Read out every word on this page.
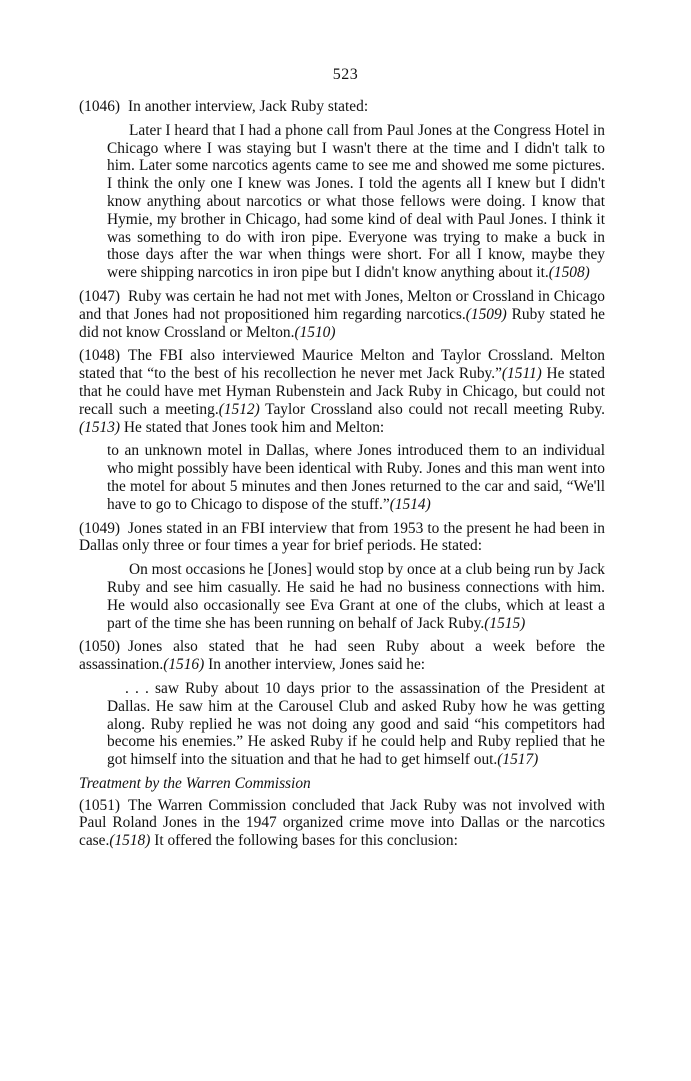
523

(1046) In another interview, Jack Ruby stated:

Later I heard that I had a phone call from Paul Jones at the Congress Hotel in Chicago where I was staying but I wasn't there at the time and I didn't talk to him. Later some narcotics agents came to see me and showed me some pictures. I think the only one I knew was Jones. I told the agents all I knew but I didn't know anything about narcotics or what those fellows were doing. I know that Hymie, my brother in Chicago, had some kind of deal with Paul Jones. I think it was something to do with iron pipe. Everyone was trying to make a buck in those days after the war when things were short. For all I know, maybe they were shipping narcotics in iron pipe but I didn't know anything about it.(1508)

(1047) Ruby was certain he had not met with Jones, Melton or Crossland in Chicago and that Jones had not propositioned him regarding narcotics.(1509) Ruby stated he did not know Crossland or Melton.(1510)

(1048) The FBI also interviewed Maurice Melton and Taylor Crossland. Melton stated that “to the best of his recollection he never met Jack Ruby.”(1511) He stated that he could have met Hyman Rubenstein and Jack Ruby in Chicago, but could not recall such a meeting.(1512) Taylor Crossland also could not recall meeting Ruby.(1513) He stated that Jones took him and Melton:

to an unknown motel in Dallas, where Jones introduced them to an individual who might possibly have been identical with Ruby. Jones and this man went into the motel for about 5 minutes and then Jones returned to the car and said, “We'll have to go to Chicago to dispose of the stuff.”(1514)

(1049) Jones stated in an FBI interview that from 1953 to the present he had been in Dallas only three or four times a year for brief periods. He stated:

On most occasions he [Jones] would stop by once at a club being run by Jack Ruby and see him casually. He said he had no business connections with him. He would also occasionally see Eva Grant at one of the clubs, which at least a part of the time she has been running on behalf of Jack Ruby.(1515)

(1050) Jones also stated that he had seen Ruby about a week before the assassination.(1516) In another interview, Jones said he:

. . . saw Ruby about 10 days prior to the assassination of the President at Dallas. He saw him at the Carousel Club and asked Ruby how he was getting along. Ruby replied he was not doing any good and said “his competitors had become his enemies.” He asked Ruby if he could help and Ruby replied that he got himself into the situation and that he had to get himself out.(1517)

Treatment by the Warren Commission

(1051) The Warren Commission concluded that Jack Ruby was not involved with Paul Roland Jones in the 1947 organized crime move into Dallas or the narcotics case.(1518) It offered the following bases for this conclusion:
